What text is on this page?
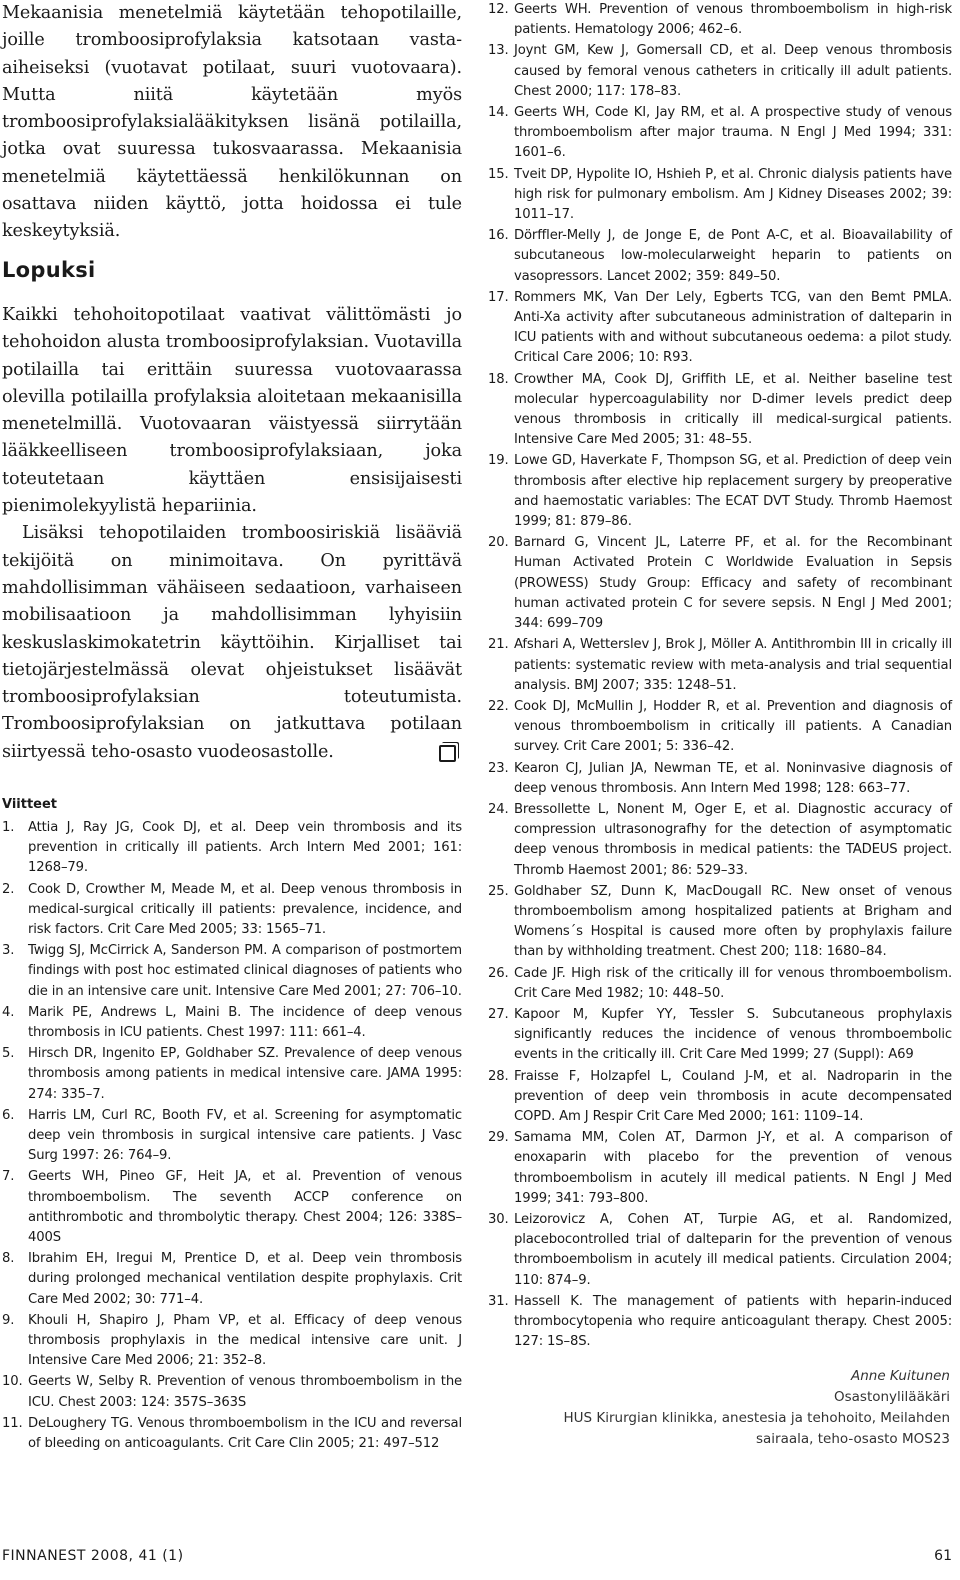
Mekaanisia menetelmiä käytetään tehopotilaille, joille tromboosiprofylaksia katsotaan vasta-aiheiseksi (vuotavat potilaat, suuri vuotovaara). Mutta niitä käytetään myös tromboosiprofylaksialääkityksen lisänä potilailla, jotka ovat suuressa tukosvaarassa. Mekaanisia menetelmiä käytettäessä henkilökunnan on osattava niiden käyttö, jotta hoidossa ei tule keskeytyksiä.

Lopuksi

Kaikki tehohoitopotilaat vaativat välittömästi jo tehohoidon alusta tromboosiprofylaksian. Vuotavilla potilailla tai erittäin suuressa vuotovaarassa olevilla potilailla profylaksia aloitetaan mekaanisilla menetelmillä. Vuotovaaran väistyessä siirrytään lääkkeelliseen tromboosiprofylaksiaan, joka toteutetaan käyttäen ensisijaisesti pienimolekyylistä hepariinia.

Lisäksi tehopotilaiden tromboosiriskiä lisääviä tekijöitä on minimoitava. On pyrittävä mahdollisimman vähäiseen sedaatioon, varhaiseen mobilisaatioon ja mahdollisimman lyhyisiin keskuslaskimokatetrin käyttöihin. Kirjalliset tai tietojärjestelmässä olevat ohjeistukset lisäävät tromboosiprofylaksian toteutumista. Tromboosiprofylaksian on jatkuttava potilaan siirtyessä teho-osasto vuodeosastolle.

Viitteet
1. Attia J, Ray JG, Cook DJ, et al. Deep vein thrombosis and its prevention in critically ill patients. Arch Intern Med 2001; 161: 1268–79.
2. Cook D, Crowther M, Meade M, et al. Deep venous thrombosis in medical-surgical critically ill patients: prevalence, incidence, and risk factors. Crit Care Med 2005; 33: 1565–71.
3. Twigg SJ, McCirrick A, Sanderson PM. A comparison of postmortem findings with post hoc estimated clinical diagnoses of patients who die in an intensive care unit. Intensive Care Med 2001; 27: 706–10.
4. Marik PE, Andrews L, Maini B. The incidence of deep venous thrombosis in ICU patients. Chest 1997: 111: 661–4.
5. Hirsch DR, Ingenito EP, Goldhaber SZ. Prevalence of deep venous thrombosis among patients in medical intensive care. JAMA 1995: 274: 335–7.
6. Harris LM, Curl RC, Booth FV, et al. Screening for asymptomatic deep vein thrombosis in surgical intensive care patients. J Vasc Surg 1997: 26: 764–9.
7. Geerts WH, Pineo GF, Heit JA, et al. Prevention of venous thromboembolism. The seventh ACCP conference on antithrombotic and thrombolytic therapy. Chest 2004; 126: 338S–400S
8. Ibrahim EH, Iregui M, Prentice D, et al. Deep vein thrombosis during prolonged mechanical ventilation despite prophylaxis. Crit Care Med 2002; 30: 771–4.
9. Khouli H, Shapiro J, Pham VP, et al. Efficacy of deep venous thrombosis prophylaxis in the medical intensive care unit. J Intensive Care Med 2006; 21: 352–8.
10. Geerts W, Selby R. Prevention of venous thromboembolism in the ICU. Chest 2003: 124: 357S–363S
11. DeLoughery TG. Venous thromboembolism in the ICU and reversal of bleeding on anticoagulants. Crit Care Clin 2005; 21: 497–512
12. Geerts WH. Prevention of venous thromboembolism in high-risk patients. Hematology 2006; 462–6.
13. Joynt GM, Kew J, Gomersall CD, et al. Deep venous thrombosis caused by femoral venous catheters in critically ill adult patients. Chest 2000; 117: 178–83.
14. Geerts WH, Code KI, Jay RM, et al. A prospective study of venous thromboembolism after major trauma. N Engl J Med 1994; 331: 1601–6.
15. Tveit DP, Hypolite IO, Hshieh P, et al. Chronic dialysis patients have high risk for pulmonary embolism. Am J Kidney Diseases 2002; 39: 1011–17.
16. Dörffler-Melly J, de Jonge E, de Pont A-C, et al. Bioavailability of subcutaneous low-molecularweight heparin to patients on vasopressors. Lancet 2002; 359: 849–50.
17. Rommers MK, Van Der Lely, Egberts TCG, van den Bemt PMLA. Anti-Xa activity after subcutaneous administration of dalteparin in ICU patients with and without subcutaneous oedema: a pilot study. Critical Care 2006; 10: R93.
18. Crowther MA, Cook DJ, Griffith LE, et al. Neither baseline test molecular hypercoagulability nor D-dimer levels predict deep venous thrombosis in critically ill medical-surgical patients. Intensive Care Med 2005; 31: 48–55.
19. Lowe GD, Haverkate F, Thompson SG, et al. Prediction of deep vein thrombosis after elective hip replacement surgery by preoperative and haemostatic variables: The ECAT DVT Study. Thromb Haemost 1999; 81: 879–86.
20. Barnard G, Vincent JL, Laterre PF, et al. for the Recombinant Human Activated Protein C Worldwide Evaluation in Sepsis (PROWESS) Study Group: Efficacy and safety of recombinant human activated protein C for severe sepsis. N Engl J Med 2001; 344: 699–709
21. Afshari A, Wetterslev J, Brok J, Möller A. Antithrombin III in crically ill patients: systematic review with meta-analysis and trial sequential analysis. BMJ 2007; 335: 1248–51.
22. Cook DJ, McMullin J, Hodder R, et al. Prevention and diagnosis of venous thromboembolism in critically ill patients. A Canadian survey. Crit Care 2001; 5: 336–42.
23. Kearon CJ, Julian JA, Newman TE, et al. Noninvasive diagnosis of deep venous thrombosis. Ann Intern Med 1998; 128: 663–77.
24. Bressollette L, Nonent M, Oger E, et al. Diagnostic accuracy of compression ultrasonografhy for the detection of asymptomatic deep venous thrombosis in medical patients: the TADEUS project. Thromb Haemost 2001; 86: 529–33.
25. Goldhaber SZ, Dunn K, MacDougall RC. New onset of venous thromboembolism among hospitalized patients at Brigham and Womens´s Hospital is caused more often by prophylaxis failure than by withholding treatment. Chest 200; 118: 1680–84.
26. Cade JF. High risk of the critically ill for venous thromboembolism. Crit Care Med 1982; 10: 448–50.
27. Kapoor M, Kupfer YY, Tessler S. Subcutaneous prophylaxis significantly reduces the incidence of venous thromboembolic events in the critically ill. Crit Care Med 1999; 27 (Suppl): A69
28. Fraisse F, Holzapfel L, Couland J-M, et al. Nadroparin in the prevention of deep vein thrombosis in acute decompensated COPD. Am J Respir Crit Care Med 2000; 161: 1109–14.
29. Samama MM, Colen AT, Darmon J-Y, et al. A comparison of enoxaparin with placebo for the prevention of venous thromboembolism in acutely ill medical patients. N Engl J Med 1999; 341: 793–800.
30. Leizorovicz A, Cohen AT, Turpie AG, et al. Randomized, placebocontrolled trial of dalteparin for the prevention of venous thromboembolism in acutely ill medical patients. Circulation 2004; 110: 874–9.
31. Hassell K. The management of patients with heparin-induced thrombocytopenia who require anticoagulant therapy. Chest 2005: 127: 1S–8S.
Anne Kuitunen
Osastonylilääkäri
HUS Kirurgian klinikka, anestesia ja tehohoito, Meilahden
sairaala, teho-osasto MOS23
FINNANEST 2008, 41 (1)	61
